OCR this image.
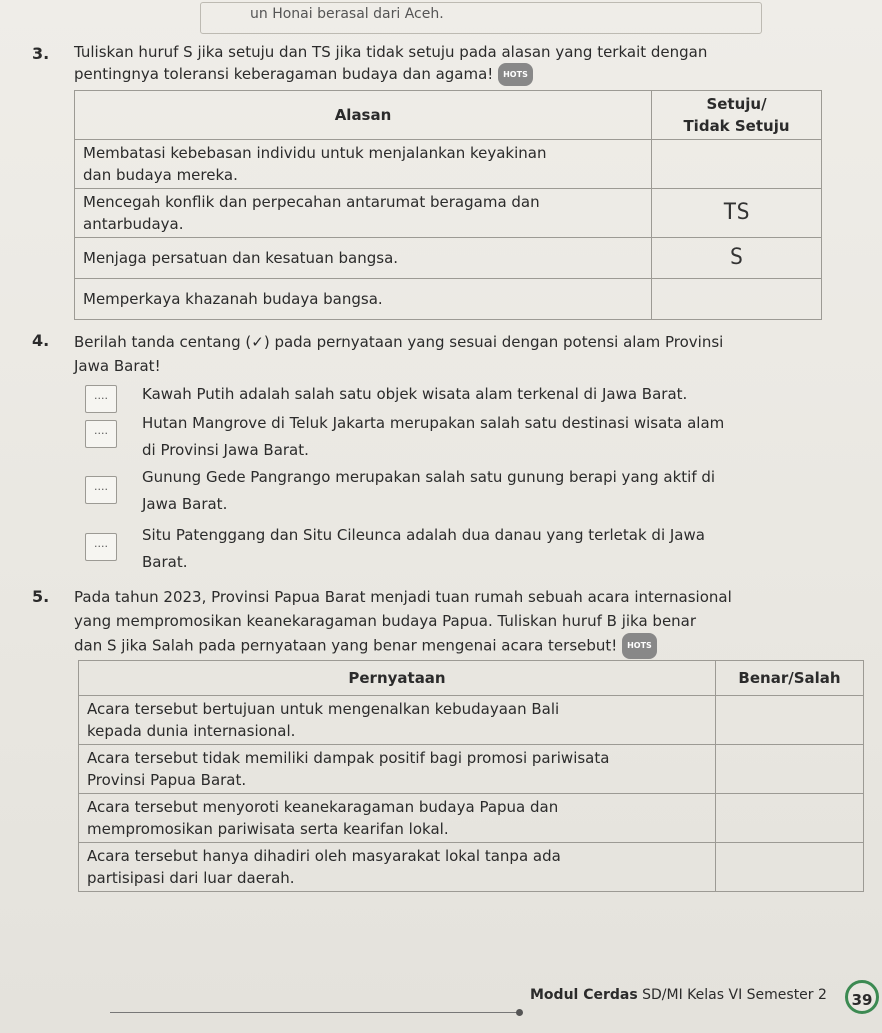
un Honai berasal dari Aceh.
3. Tuliskan huruf S jika setuju dan TS jika tidak setuju pada alasan yang terkait dengan
pentingnya toleransi keberagaman budaya dan agama! HOTS
Alasan	Setuju/
Tidak Setuju

Membatasi kebebasan individu untuk menjalankan keyakinan
dan budaya mereka.	

Mencegah konflik dan perpecahan antarumat beragama dan
antarbudaya.	TS

Menjaga persatuan dan kesatuan bangsa.	S

Memperkaya khazanah budaya bangsa.	

4. Berilah tanda centang (✓) pada pernyataan yang sesuai dengan potensi alam Provinsi
Jawa Barat!
....	Kawah Putih adalah salah satu objek wisata alam terkenal di Jawa Barat.
....	Hutan Mangrove di Teluk Jakarta merupakan salah satu destinasi wisata alam
di Provinsi Jawa Barat.
....
Gunung Gede Pangrango merupakan salah satu gunung berapi yang aktif di
Jawa Barat.
....	Situ Patenggang dan Situ Cileunca adalah dua danau yang terletak di Jawa
Barat.
5. Pada tahun 2023, Provinsi Papua Barat menjadi tuan rumah sebuah acara internasional
yang mempromosikan keanekaragaman budaya Papua. Tuliskan huruf B jika benar
dan S jika Salah pada pernyataan yang benar mengenai acara tersebut! HOTS
Pernyataan	Benar/Salah

Acara tersebut bertujuan untuk mengenalkan kebudayaan Bali
kepada dunia internasional.	

Acara tersebut tidak memiliki dampak positif bagi promosi pariwisata
Provinsi Papua Barat.	

Acara tersebut menyoroti keanekaragaman budaya Papua dan
mempromosikan pariwisata serta kearifan lokal.	

Acara tersebut hanya dihadiri oleh masyarakat lokal tanpa ada
partisipasi dari luar daerah.	

Modul Cerdas SD/MI Kelas VI Semester 2	39
